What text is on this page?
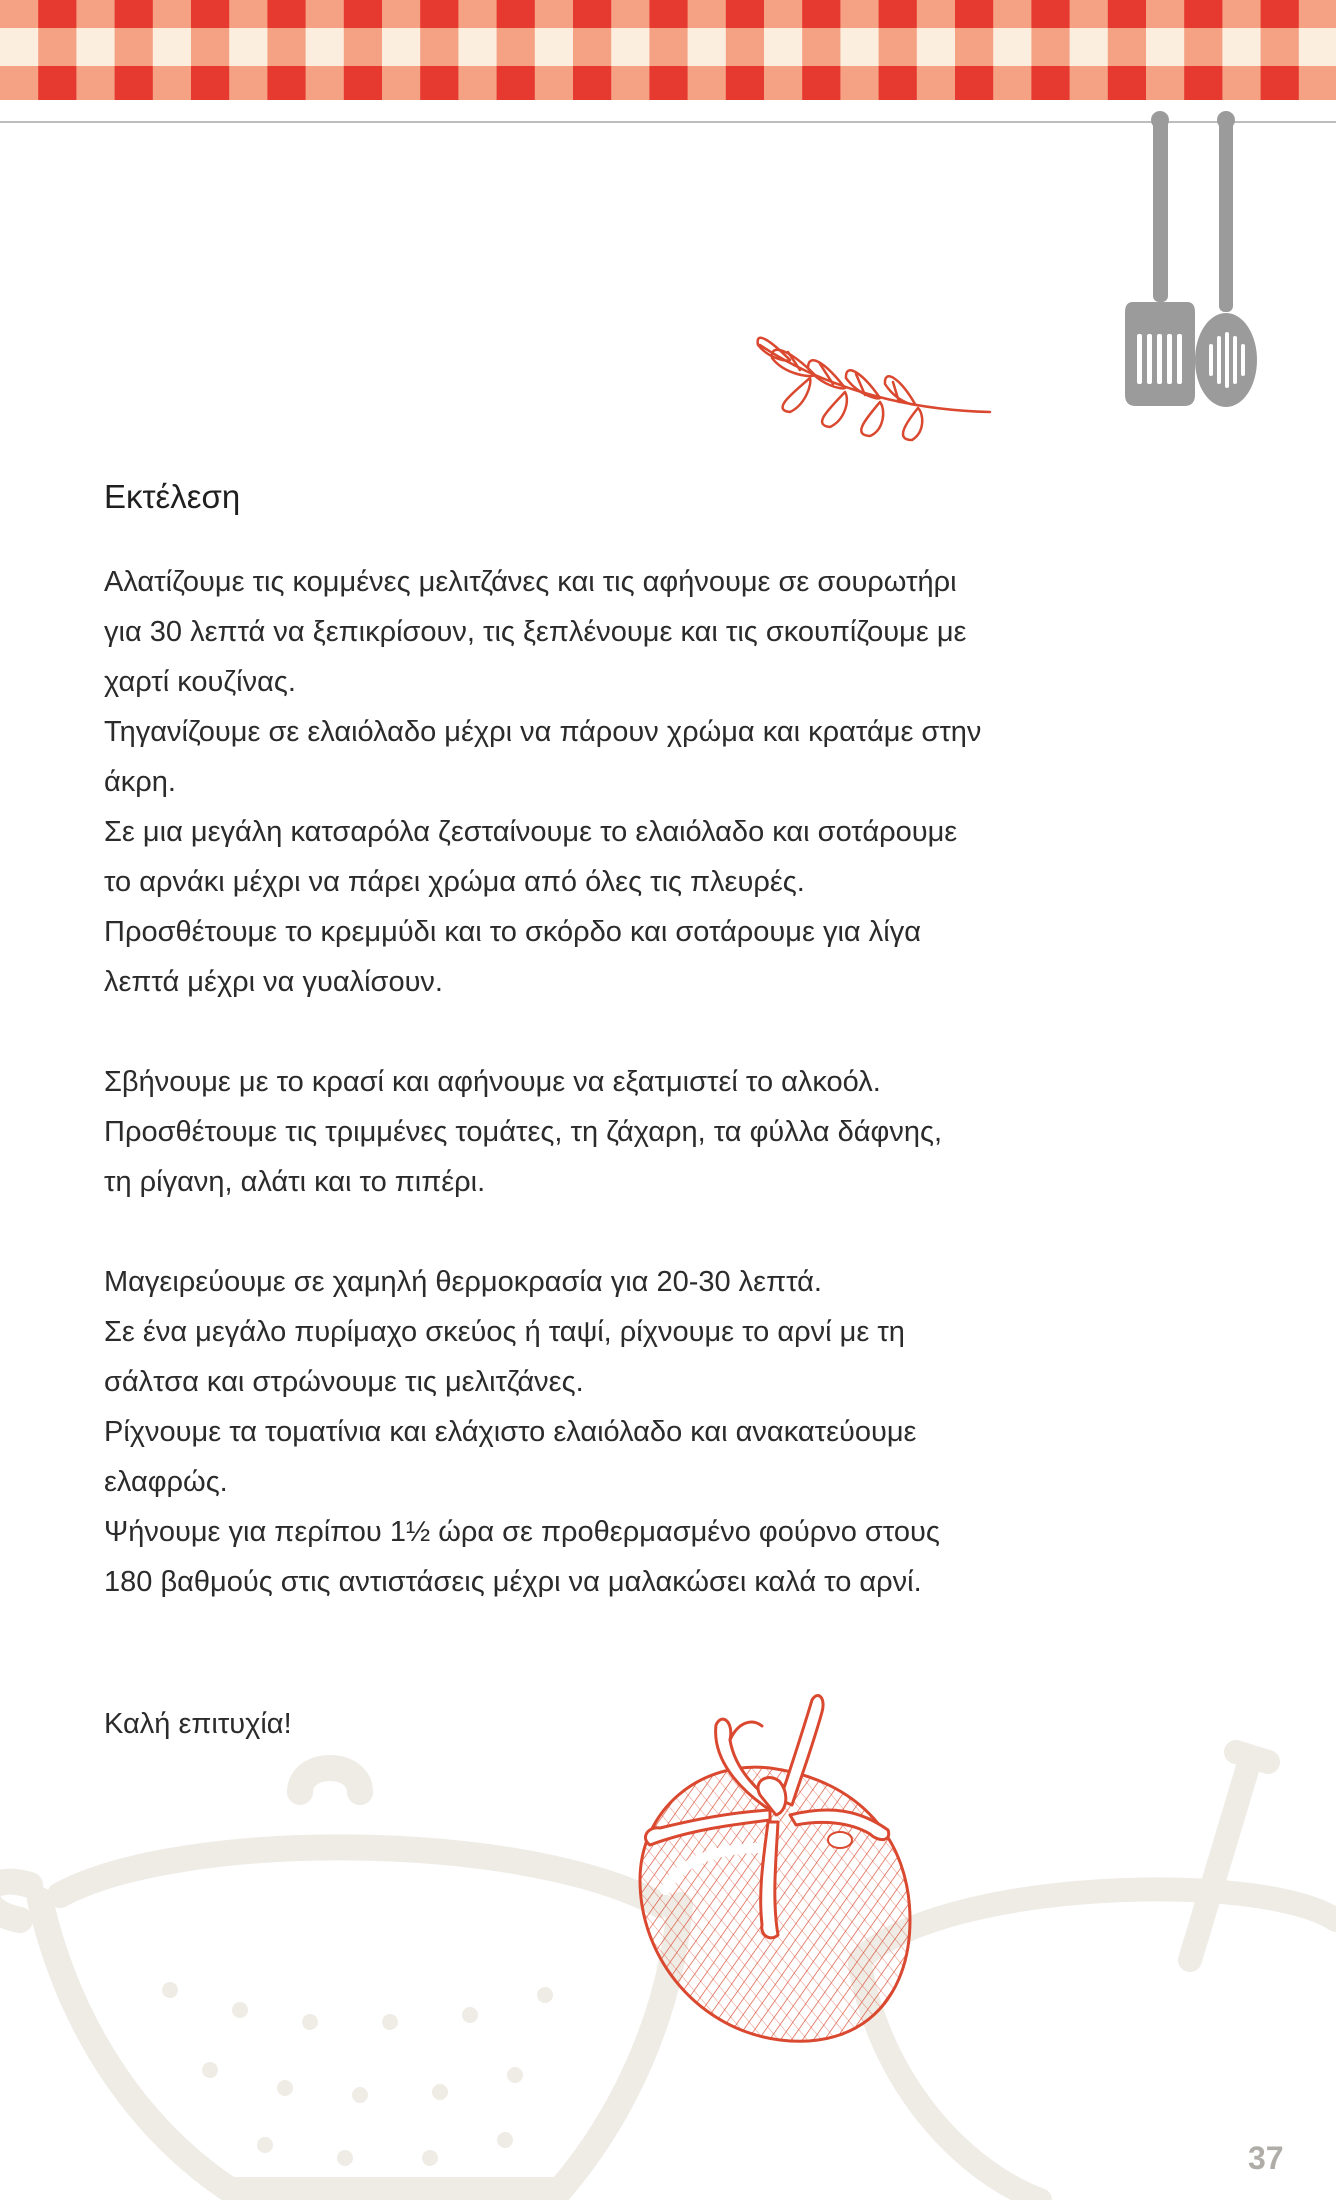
Εκτέλεση

Αλατίζουμε τις κομμένες μελιτζάνες και τις αφήνουμε σε σουρωτήρι
για 30 λεπτά να ξεπικρίσουν, τις ξεπλένουμε και τις σκουπίζουμε με
χαρτί κουζίνας.
Τηγανίζουμε σε ελαιόλαδο μέχρι να πάρουν χρώμα και κρατάμε στην
άκρη.
Σε μια μεγάλη κατσαρόλα ζεσταίνουμε το ελαιόλαδο και σοτάρουμε
το αρνάκι μέχρι να πάρει χρώμα από όλες τις πλευρές.
Προσθέτουμε το κρεμμύδι και το σκόρδο και σοτάρουμε για λίγα
λεπτά μέχρι να γυαλίσουν.

Σβήνουμε με το κρασί και αφήνουμε να εξατμιστεί το αλκοόλ.
Προσθέτουμε τις τριμμένες τομάτες, τη ζάχαρη, τα φύλλα δάφνης,
τη ρίγανη, αλάτι και το πιπέρι.

Μαγειρεύουμε σε χαμηλή θερμοκρασία για 20-30 λεπτά.
Σε ένα μεγάλο πυρίμαχο σκεύος ή ταψί, ρίχνουμε το αρνί με τη
σάλτσα και στρώνουμε τις μελιτζάνες.
Ρίχνουμε τα τοματίνια και ελάχιστο ελαιόλαδο και ανακατεύουμε
ελαφρώς.
Ψήνουμε για περίπου 1½ ώρα σε προθερμασμένο φούρνο στους
180 βαθμούς στις αντιστάσεις μέχρι να μαλακώσει καλά το αρνί.

Καλή επιτυχία!

37
